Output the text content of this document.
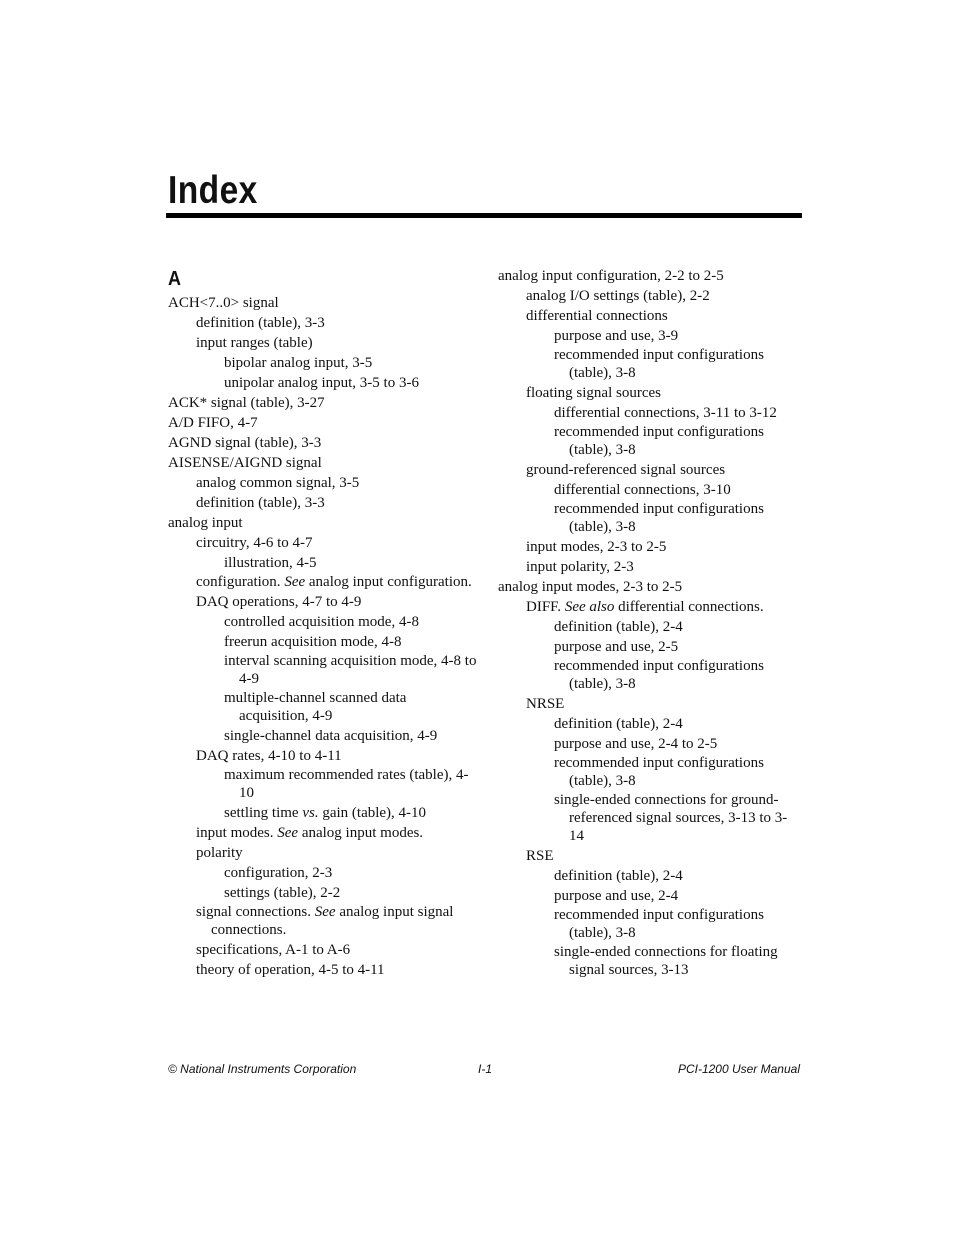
Index
A

ACH<7..0> signal

definition (table), 3-3

input ranges (table)

bipolar analog input, 3-5

unipolar analog input, 3-5 to 3-6

ACK* signal (table), 3-27

A/D FIFO, 4-7

AGND signal (table), 3-3

AISENSE/AIGND signal

analog common signal, 3-5

definition (table), 3-3

analog input

circuitry, 4-6 to 4-7

illustration, 4-5

configuration. See analog input configuration.

DAQ operations, 4-7 to 4-9

controlled acquisition mode, 4-8

freerun acquisition mode, 4-8

interval scanning acquisition mode, 4-8 to 4-9

multiple-channel scanned data acquisition, 4-9

single-channel data acquisition, 4-9

DAQ rates, 4-10 to 4-11

maximum recommended rates (table), 4-10

settling time vs. gain (table), 4-10

input modes. See analog input modes.

polarity

configuration, 2-3

settings (table), 2-2

signal connections. See analog input signal connections.

specifications, A-1 to A-6

theory of operation, 4-5 to 4-11

analog input configuration, 2-2 to 2-5

analog I/O settings (table), 2-2

differential connections

purpose and use, 3-9

recommended input configurations (table), 3-8

floating signal sources

differential connections, 3-11 to 3-12

recommended input configurations (table), 3-8

ground-referenced signal sources

differential connections, 3-10

recommended input configurations (table), 3-8

input modes, 2-3 to 2-5

input polarity, 2-3

analog input modes, 2-3 to 2-5

DIFF. See also differential connections.

definition (table), 2-4

purpose and use, 2-5

recommended input configurations (table), 3-8

NRSE

definition (table), 2-4

purpose and use, 2-4 to 2-5

recommended input configurations (table), 3-8

single-ended connections for ground-referenced signal sources, 3-13 to 3-14

RSE

definition (table), 2-4

purpose and use, 2-4

recommended input configurations (table), 3-8

single-ended connections for floating signal sources, 3-13

© National Instruments Corporation	I-1	PCI-1200 User Manual
